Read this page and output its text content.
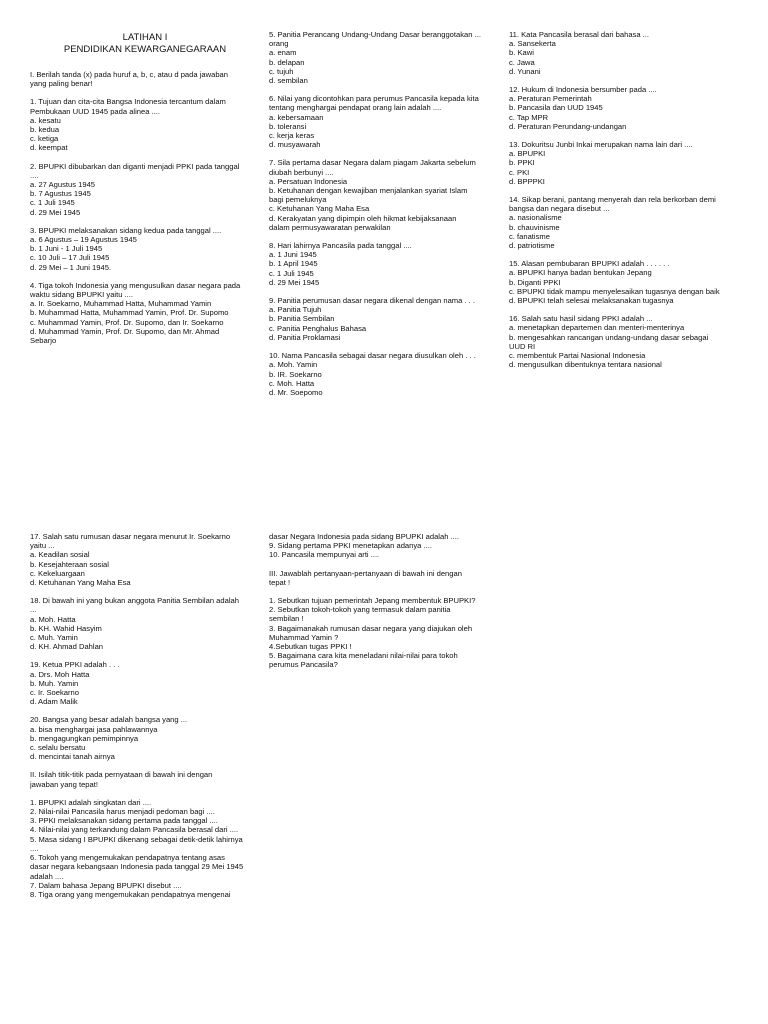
LATIHAN I
PENDIDIKAN KEWARGANEGARAAN
I. Berilah tanda (x) pada huruf a, b, c, atau d pada jawaban
yang paling benar!
1. Tujuan dan cita-cita Bangsa Indonesia tercantum dalam
Pembukaan UUD 1945 pada alinea ....
a. kesatu
b. kedua
c. ketiga
d. keempat
2. BPUPKI dibubarkan dan diganti menjadi PPKI pada tanggal
....
a. 27 Agustus 1945
b. 7 Agustus 1945
c. 1 Juli 1945
d. 29 Mei 1945
3. BPUPKI melaksanakan sidang kedua pada tanggal ....
a. 6 Agustus – 19 Agustus 1945
b. 1 Juni - 1 Juli 1945
c. 10 Juli – 17 Juli 1945
d. 29 Mei – 1 Juni 1945.
4. Tiga tokoh Indonesia yang mengusulkan dasar negara pada
waktu sidang BPUPKI yaitu ....
a. Ir. Soekarno, Muhammad Hatta, Muhammad Yamin
b. Muhammad Hatta, Muhammad Yamin, Prof. Dr. Supomo
c. Muhammad Yamin, Prof. Dr. Supomo, dan Ir. Soekarno
d. Muhammad Yamin, Prof. Dr. Supomo, dan Mr. Ahmad
Sebarjo
5. Panitia Perancang Undang-Undang Dasar beranggotakan ...
orang
a. enam
b. delapan
c. tujuh
d. sembilan
6. Nilai yang dicontohkan para perumus Pancasila kepada kita
tentang menghargai pendapat orang lain adalah ....
a. kebersamaan
b. toleransi
c. kerja keras
d. musyawarah
7. Sila pertama dasar Negara dalam piagam Jakarta sebelum
diubah berbunyi ....
a. Persatuan Indonesia
b. Ketuhanan dengan kewajiban menjalankan syariat Islam
bagi pemeluknya
c. Ketuhanan Yang Maha Esa
d. Kerakyatan yang dipimpin oleh hikmat kebijaksanaan
dalam permusyawaratan perwakilan
8. Hari lahirnya Pancasila pada tanggal ....
a. 1 Juni 1945
b. 1 April 1945
c. 1 Juli 1945
d. 29 Mei 1945
9. Panitia perumusan dasar negara dikenal dengan nama . . .
a. Panitia Tujuh
b. Panitia Sembilan
c. Panitia Penghalus Bahasa
d. Panitia Proklamasi
10. Nama Pancasila sebagai dasar negara diusulkan oleh . . .
a. Moh. Yamin
b. IR. Soekarno
c. Moh. Hatta
d. Mr. Soepomo
11. Kata Pancasila berasal dari bahasa ...
a. Sansekerta
b. Kawi
c. Jawa
d. Yunani
12. Hukum di Indonesia bersumber pada ....
a. Peraturan Pemerintah
b. Pancasila dan UUD 1945
c. Tap MPR
d. Peraturan Perundang-undangan
13. Dokuritsu Junbi Inkai merupakan nama lain dari ....
a. BPUPKI
b. PPKI
c. PKI
d. BPPPKI
14. Sikap berani, pantang menyerah dan rela berkorban demi
bangsa dan negara disebut ...
a. nasionalisme
b. chauvinisme
c. fanatisme
d. patriotisme
15. Alasan pembubaran BPUPKI adalah . . . . . .
a. BPUPKI hanya badan bentukan Jepang
b. Diganti PPKI
c. BPUPKI tidak mampu menyelesaikan tugasnya dengan baik
d. BPUPKI telah selesai melaksanakan tugasnya
16. Salah satu hasil sidang PPKI adalah ...
a. menetapkan departemen dan menteri-menterinya
b. mengesahkan rancangan undang-undang dasar sebagai
UUD RI
c. membentuk Partai Nasional Indonesia
d. mengusulkan dibentuknya tentara nasional
17. Salah satu rumusan dasar negara menurut Ir. Soekarno
yaitu ...
a. Keadilan sosial
b. Kesejahteraan sosial
c. Kekeluargaan
d. Ketuhanan Yang Maha Esa
18. Di bawah ini yang bukan anggota Panitia Sembilan adalah
...
a. Moh. Hatta
b. KH. Wahid Hasyim
c. Muh. Yamin
d. KH. Ahmad Dahlan
19. Ketua PPKI adalah . . .
a. Drs. Moh Hatta
b. Muh. Yamin
c. Ir. Soekarno
d. Adam Malik
20. Bangsa yang besar adalah bangsa yang ...
a. bisa menghargai jasa pahlawannya
b. mengagungkan pemimpinnya
c. selalu bersatu
d. mencintai tanah airnya
II. Isilah titik-titik pada pernyataan di bawah ini dengan
jawaban yang tepat!
1. BPUPKI adalah singkatan dari ....
2. Nilai-nilai Pancasila harus menjadi pedoman bagi ....
3. PPKI melaksanakan sidang pertama pada tanggal ....
4. Nilai-nilai yang terkandung dalam Pancasila berasal dari ....
5. Masa sidang I BPUPKI dikenang sebagai detik-detik lahirnya
....
6. Tokoh yang mengemukakan pendapatnya tentang asas
dasar negara kebangsaan Indonesia pada tanggal 29 Mei 1945
adalah ....
7. Dalam bahasa Jepang BPUPKI disebut ....
8. Tiga orang yang mengemukakan pendapatnya mengenai
dasar Negara Indonesia pada sidang BPUPKI adalah ....
9. Sidang pertama PPKI menetapkan adanya ....
10. Pancasila mempunyai arti ....
III. Jawablah pertanyaan-pertanyaan di bawah ini dengan
tepat !
1. Sebutkan tujuan pemerintah Jepang membentuk BPUPKI?
2. Sebutkan tokoh-tokoh yang termasuk dalam panitia
sembilan !
3. Bagaimanakah rumusan dasar negara yang diajukan oleh
Muhammad Yamin ?
4.Sebutkan tugas PPKI !
5. Bagaimana cara kita meneladani nilai-nilai para tokoh
perumus Pancasila?
